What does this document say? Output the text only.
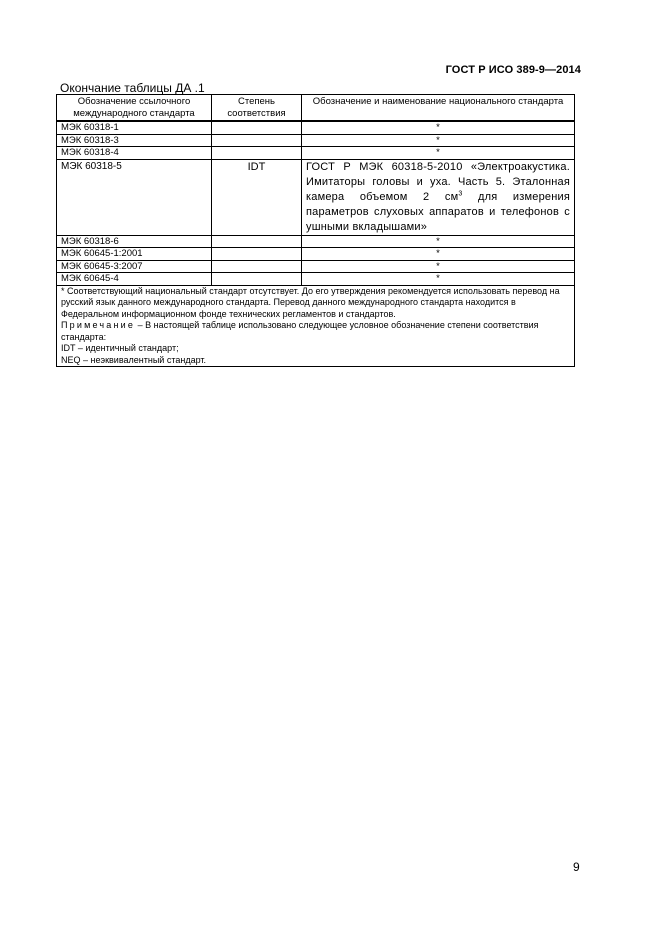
ГОСТ Р ИСО 389-9—2014
Окончание таблицы ДА .1
Обозначение ссылочного международного стандарта	Степень соответствия	Обозначение и наименование национального стандарта
МЭК 60318-1		*
МЭК 60318-3		*
МЭК 60318-4		*
МЭК 60318-5	IDT	ГОСТ Р МЭК 60318-5-2010 «Электроакустика. Имитаторы головы и уха. Часть 5. Эталонная камера объемом 2 $см^3$ для измерения параметров слуховых аппаратов и телефонов с ушными вкладышами»
МЭК 60318-6		*
МЭК 60645-1:2001		*
МЭК 60645-3:2007		*
МЭК 60645-4		*

* Соответствующий национальный стандарт отсутствует. До его утверждения рекомендуется использовать перевод на русский язык данного международного стандарта. Перевод данного международного стандарта находится в Федеральном информационном фонде технических регламентов и стандартов.

Примечание – В настоящей таблице использовано следующее условное обозначение степени соответствия стандарта:

IDT – идентичный стандарт;

NEQ – неэквивалентный стандарт.		

9
